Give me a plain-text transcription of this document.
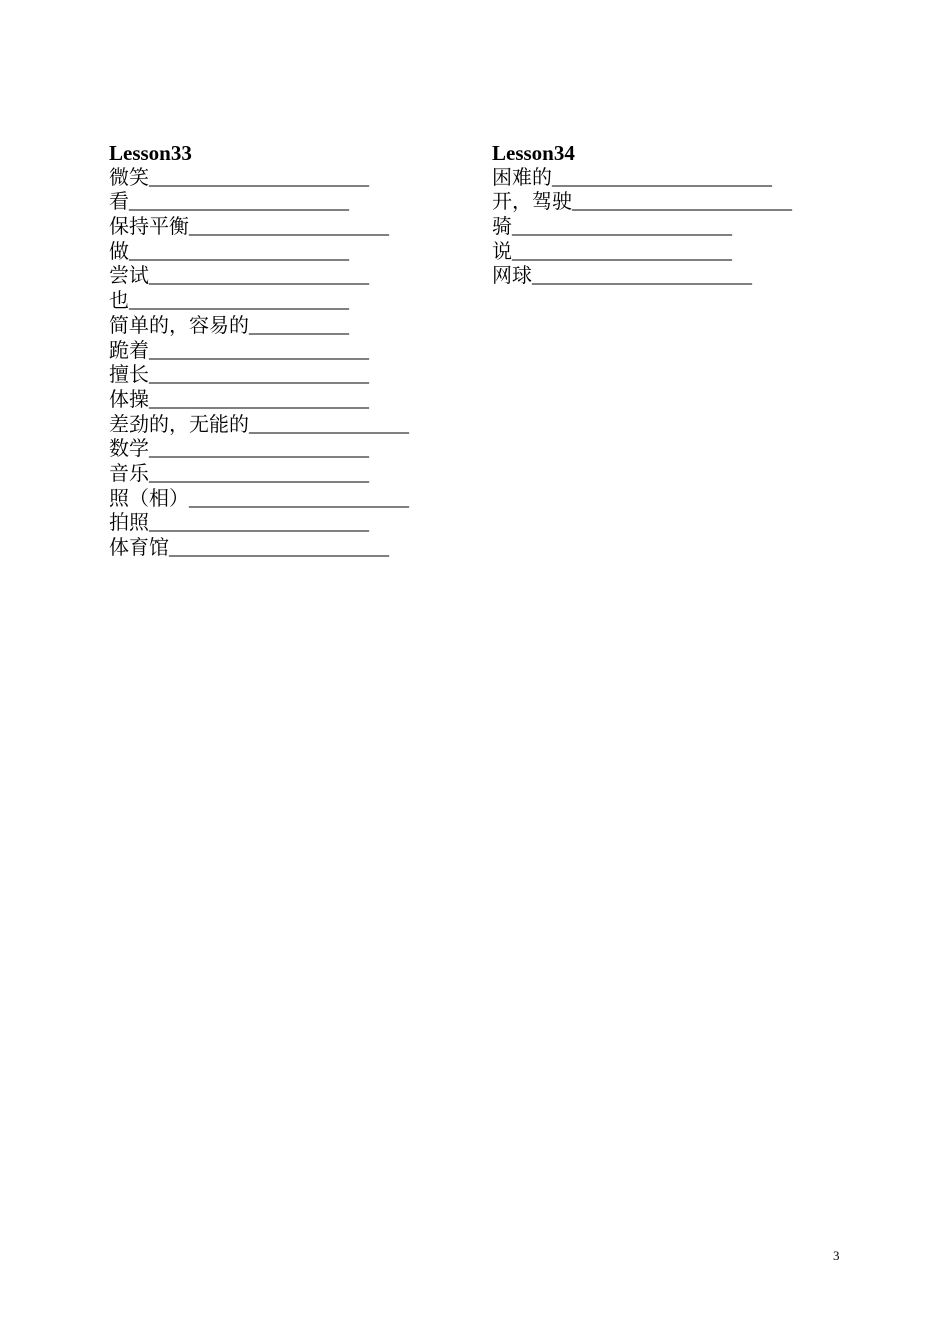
Lesson33
微笑______________________
看______________________
保持平衡____________________
做______________________
尝试______________________
也______________________
简单的，容易的__________
跪着______________________
擅长______________________
体操______________________
差劲的，无能的________________
数学______________________
音乐______________________
照（相）______________________
拍照______________________
体育馆______________________
Lesson34
困难的______________________
开，驾驶______________________
骑______________________
说______________________
网球______________________
3
